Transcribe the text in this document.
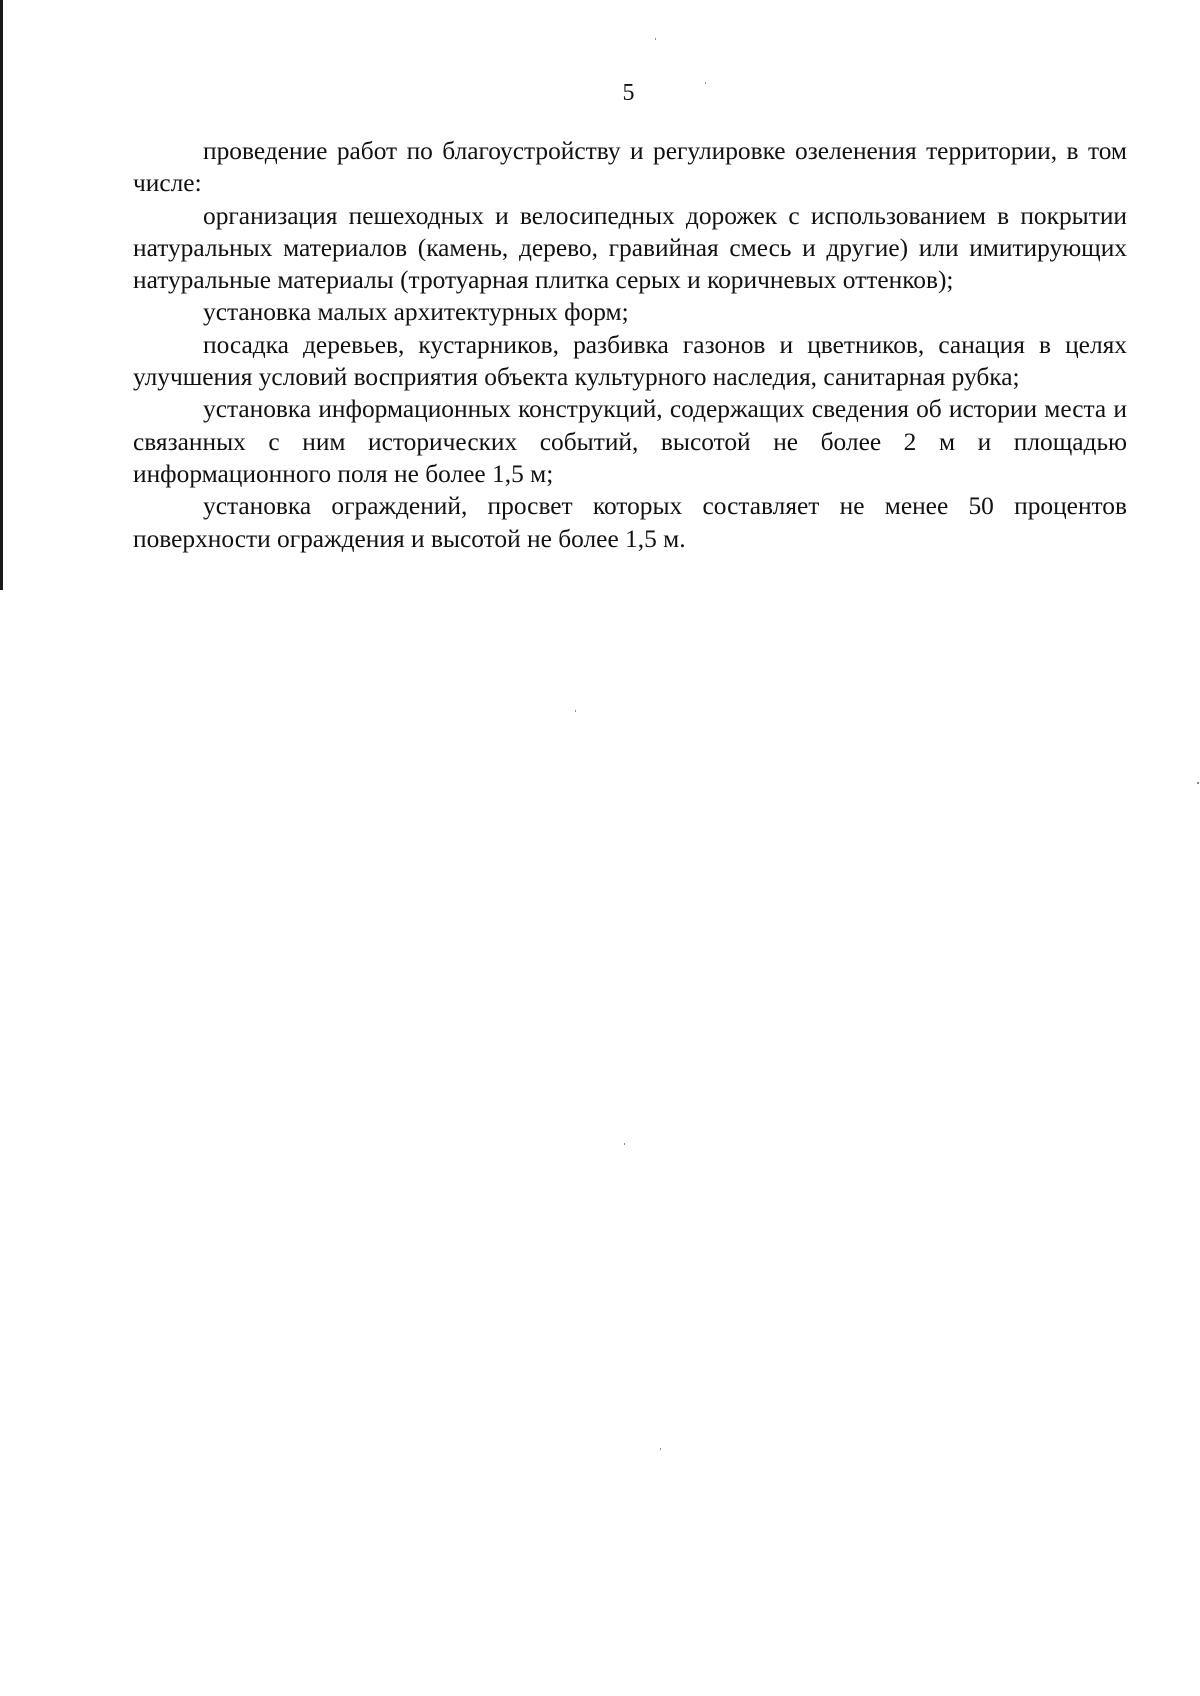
5

проведение работ по благоустройству и регулировке озеленения территории, в том числе:

организация пешеходных и велосипедных дорожек с использованием в покрытии натуральных материалов (камень, дерево, гравийная смесь и другие) или имитирующих натуральные материалы (тротуарная плитка серых и коричневых оттенков);

установка малых архитектурных форм;

посадка деревьев, кустарников, разбивка газонов и цветников, санация в целях улучшения условий восприятия объекта культурного наследия, санитарная рубка;

установка информационных конструкций, содержащих сведения об истории места и связанных с ним исторических событий, высотой не более 2 м и площадью информационного поля не более 1,5 м;

установка ограждений, просвет которых составляет не менее 50 процентов поверхности ограждения и высотой не более 1,5 м.
